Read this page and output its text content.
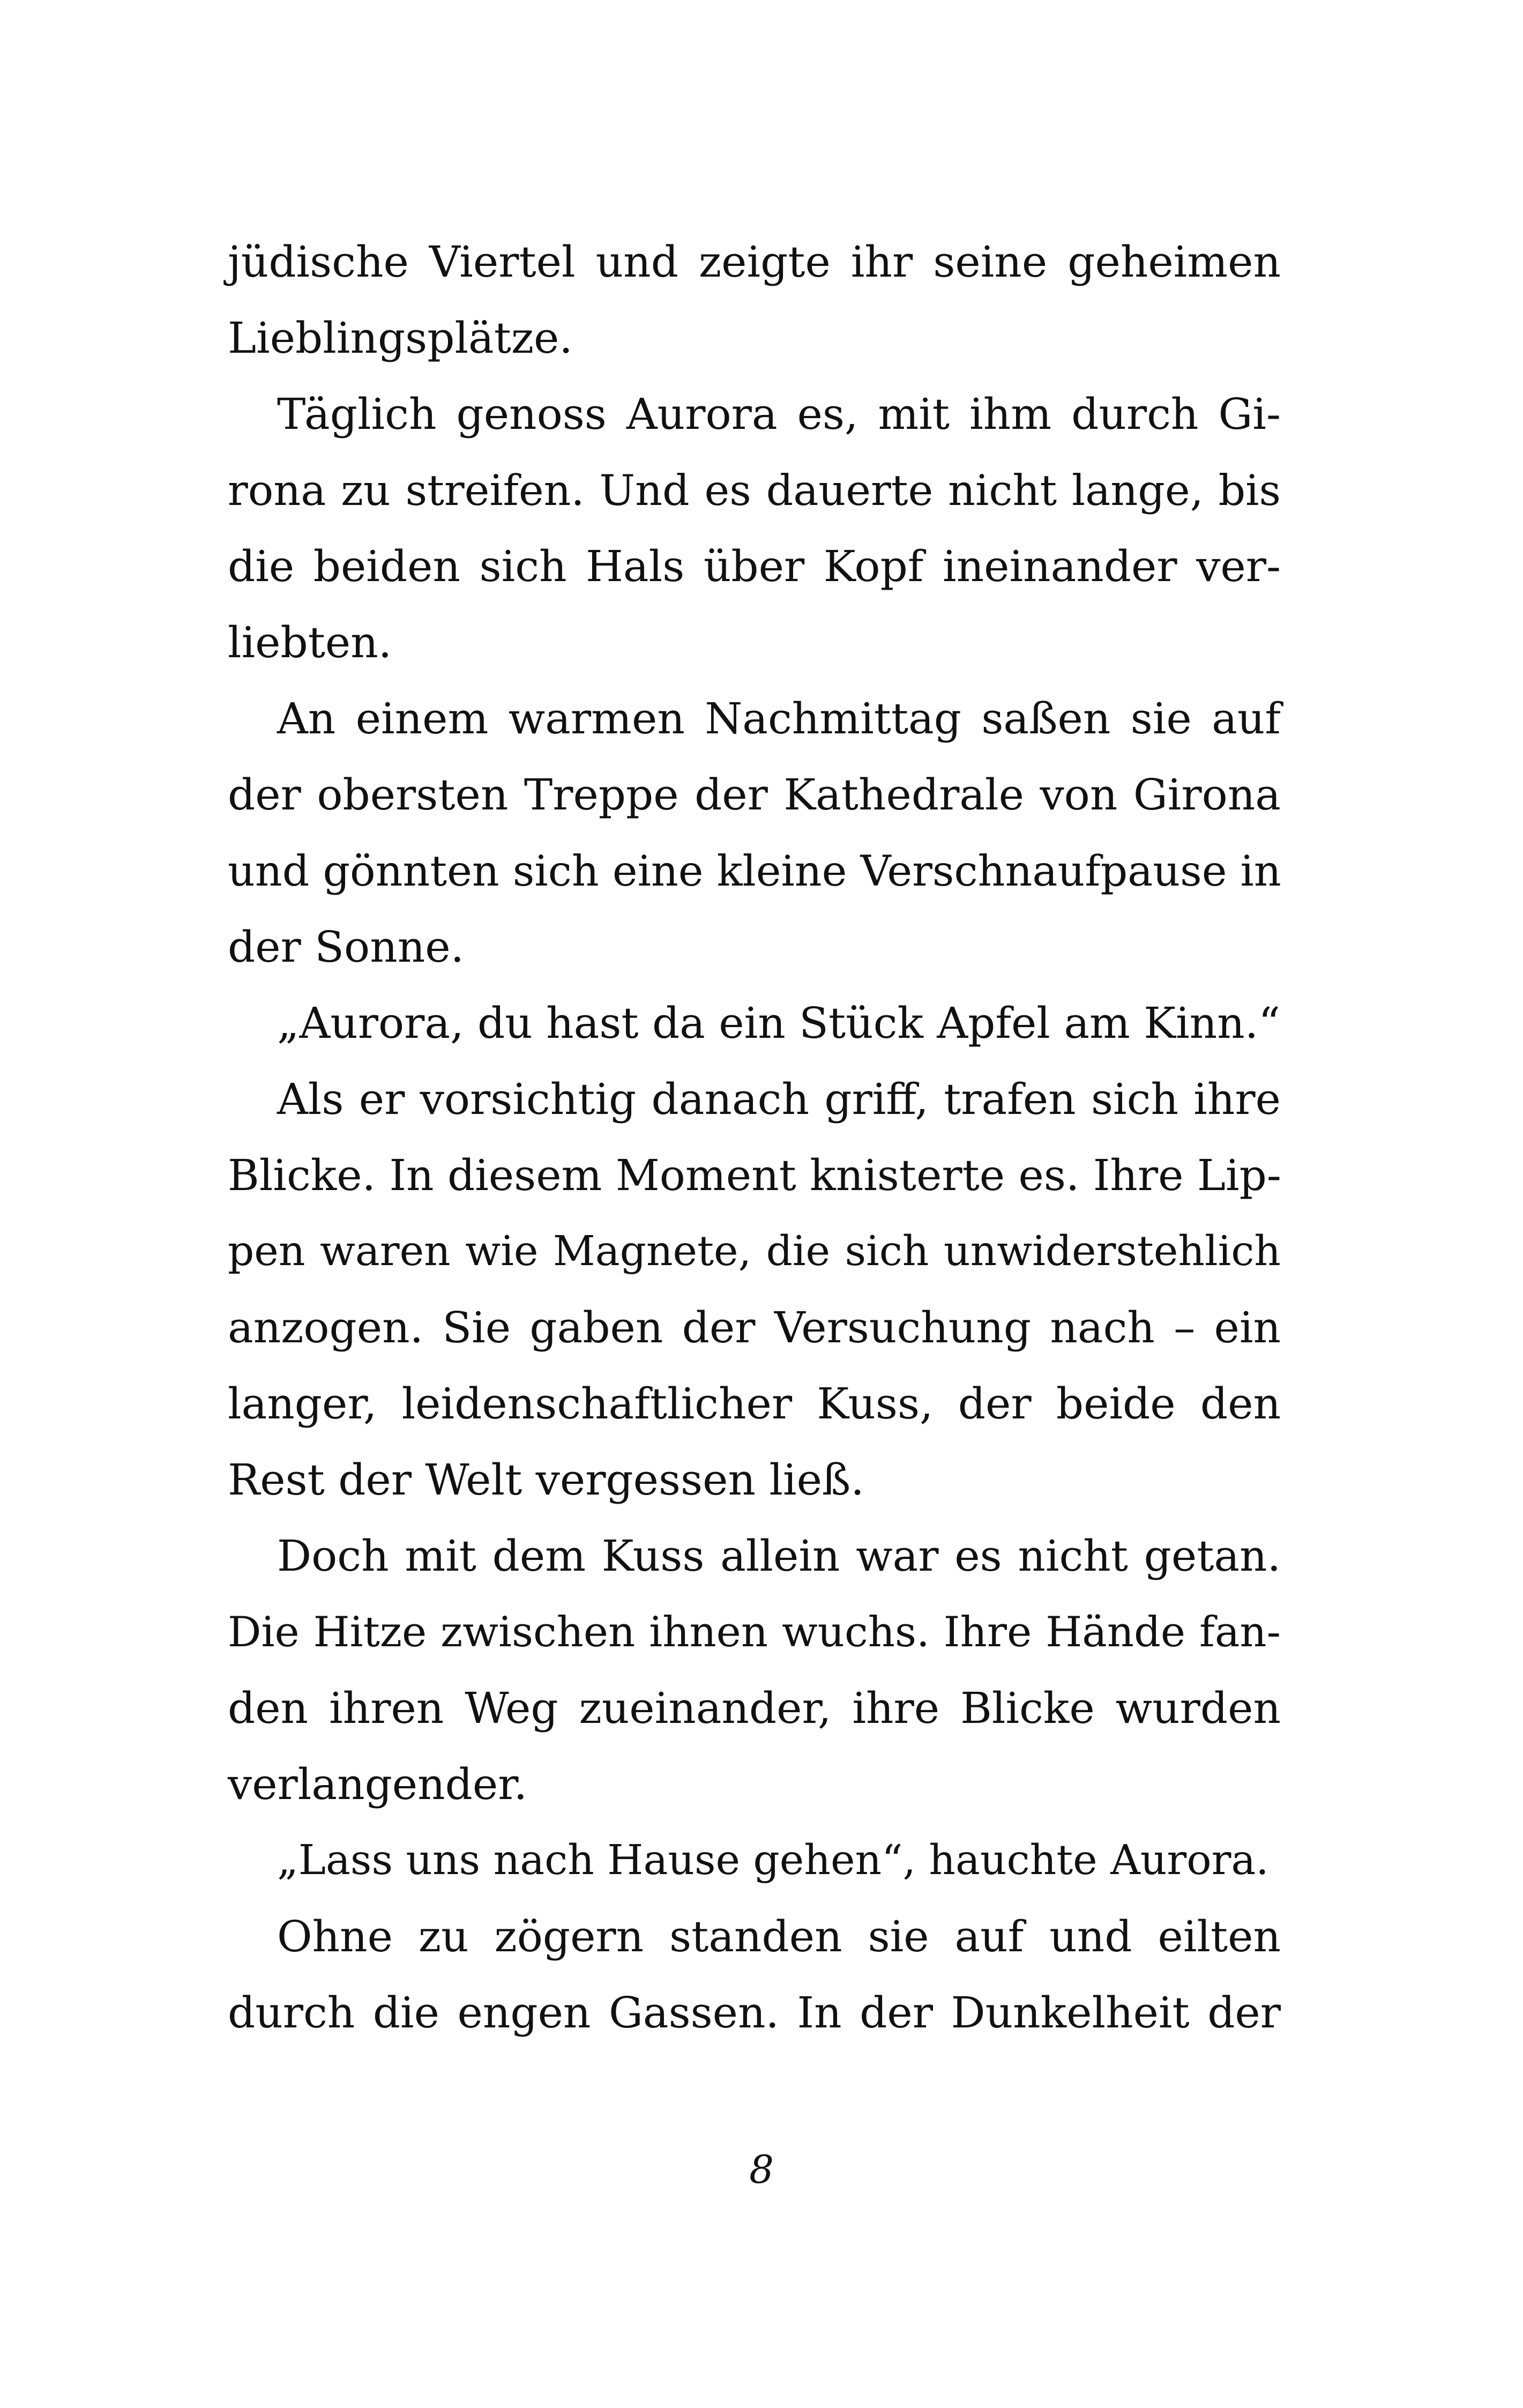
jüdische Viertel und zeigte ihr seine geheimen
Lieblingsplätze.
Täglich genoss Aurora es, mit ihm durch Gi-
rona zu streifen. Und es dauerte nicht lange, bis
die beiden sich Hals über Kopf ineinander ver-
liebten.
An einem warmen Nachmittag saßen sie auf
der obersten Treppe der Kathedrale von Girona
und gönnten sich eine kleine Verschnaufpause in
der Sonne.
„Aurora, du hast da ein Stück Apfel am Kinn.“
Als er vorsichtig danach griff, trafen sich ihre
Blicke. In diesem Moment knisterte es. Ihre Lip-
pen waren wie Magnete, die sich unwiderstehlich
anzogen. Sie gaben der Versuchung nach – ein
langer, leidenschaftlicher Kuss, der beide den
Rest der Welt vergessen ließ.
Doch mit dem Kuss allein war es nicht getan.
Die Hitze zwischen ihnen wuchs. Ihre Hände fan-
den ihren Weg zueinander, ihre Blicke wurden
verlangender.
„Lass uns nach Hause gehen“, hauchte Aurora.
Ohne zu zögern standen sie auf und eilten
durch die engen Gassen. In der Dunkelheit der
8
